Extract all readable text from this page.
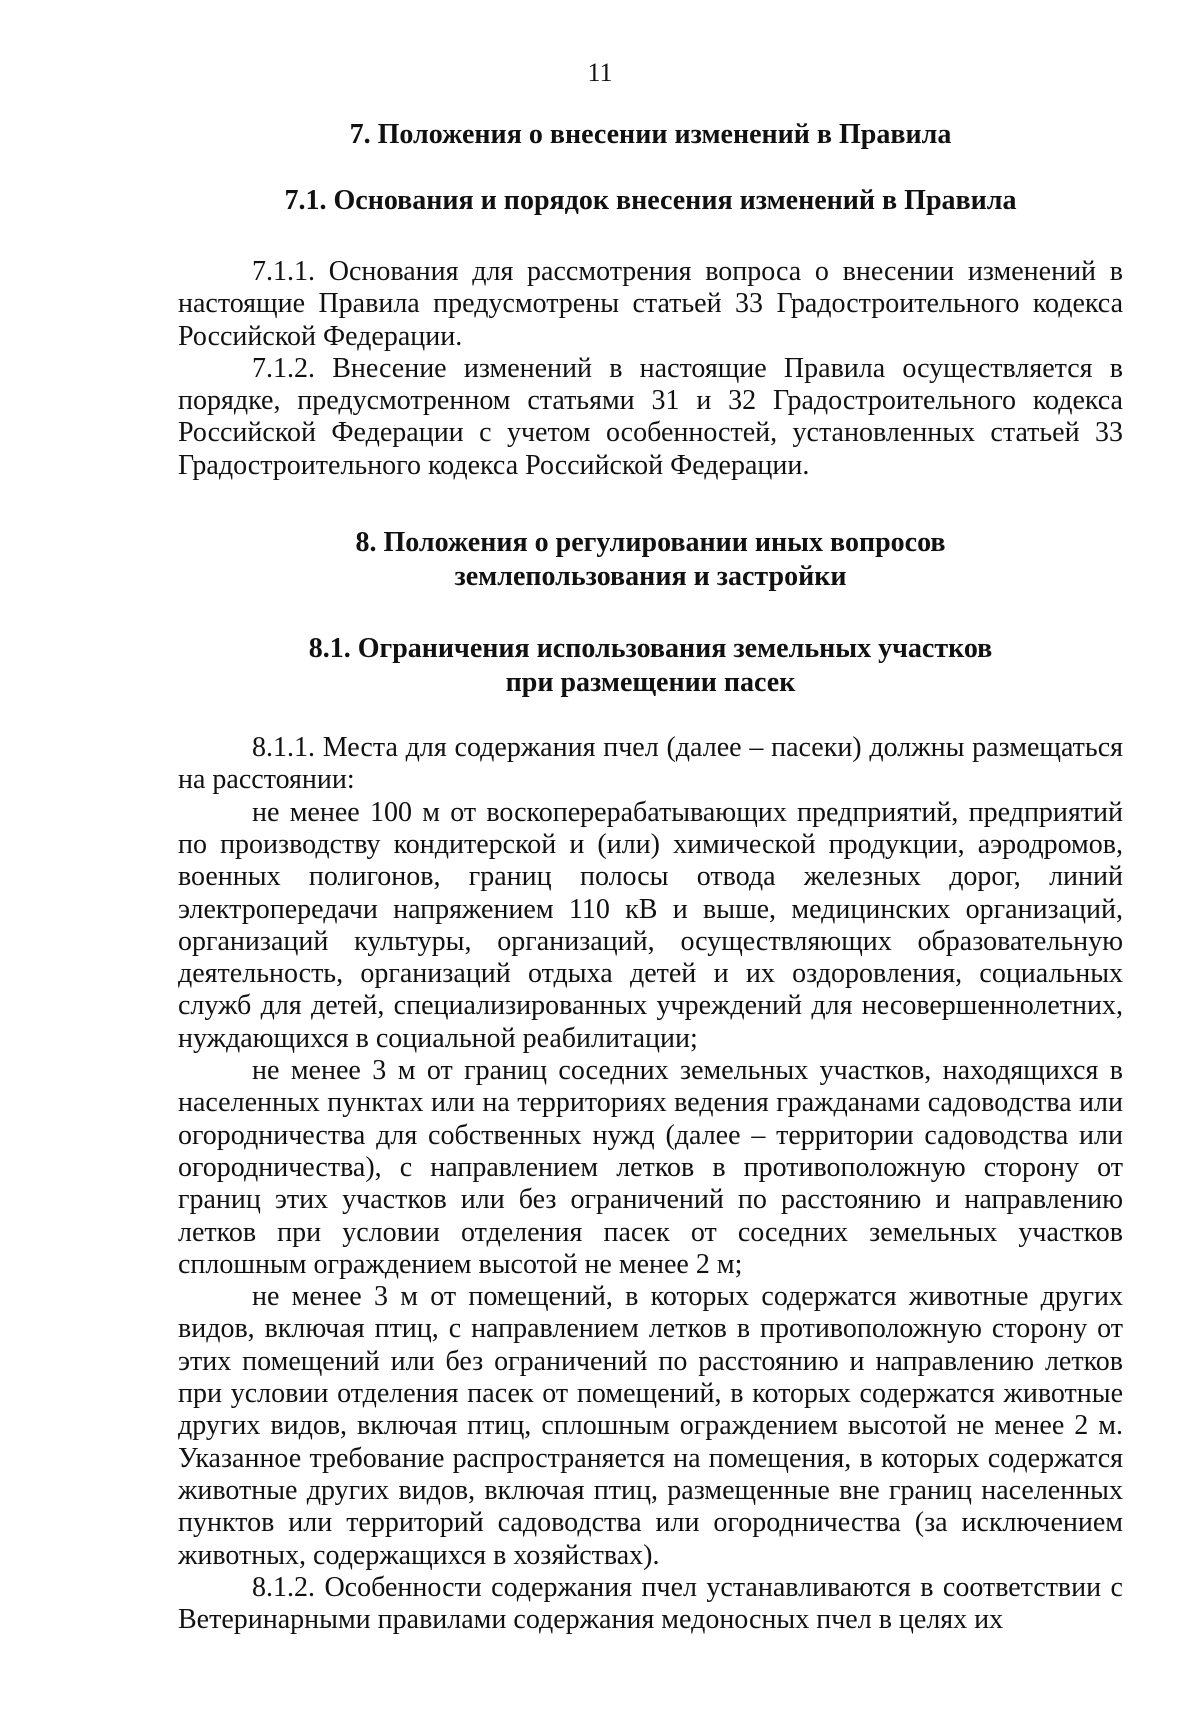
11
7. Положения о внесении изменений в Правила
7.1. Основания и порядок внесения изменений в Правила

7.1.1. Основания для рассмотрения вопроса о внесении изменений в настоящие Правила предусмотрены статьей 33 Градостроительного кодекса Российской Федерации.

7.1.2. Внесение изменений в настоящие Правила осуществляется в порядке, предусмотренном статьями 31 и 32 Градостроительного кодекса Российской Федерации с учетом особенностей, установленных статьей 33 Градостроительного кодекса Российской Федерации.

8. Положения о регулировании иных вопросов
землепользования и застройки
8.1. Ограничения использования земельных участков
при размещении пасек

8.1.1. Места для содержания пчел (далее – пасеки) должны размещаться на расстоянии:

не менее 100 м от воскоперерабатывающих предприятий, предприятий по производству кондитерской и (или) химической продукции, аэродромов, военных полигонов, границ полосы отвода железных дорог, линий электропередачи напряжением 110 кВ и выше, медицинских организаций, организаций культуры, организаций, осуществляющих образовательную деятельность, организаций отдыха детей и их оздоровления, социальных служб для детей, специализированных учреждений для несовершеннолетних, нуждающихся в социальной реабилитации;

не менее 3 м от границ соседних земельных участков, находящихся в населенных пунктах или на территориях ведения гражданами садоводства или огородничества для собственных нужд (далее – территории садоводства или огородничества), с направлением летков в противоположную сторону от границ этих участков или без ограничений по расстоянию и направлению летков при условии отделения пасек от соседних земельных участков сплошным ограждением высотой не менее 2 м;

не менее 3 м от помещений, в которых содержатся животные других видов, включая птиц, с направлением летков в противоположную сторону от этих помещений или без ограничений по расстоянию и направлению летков при условии отделения пасек от помещений, в которых содержатся животные других видов, включая птиц, сплошным ограждением высотой не менее 2 м. Указанное требование распространяется на помещения, в которых содержатся животные других видов, включая птиц, размещенные вне границ населенных пунктов или территорий садоводства или огородничества (за исключением животных, содержащихся в хозяйствах).

8.1.2. Особенности содержания пчел устанавливаются в соответствии с Ветеринарными правилами содержания медоносных пчел в целях их
